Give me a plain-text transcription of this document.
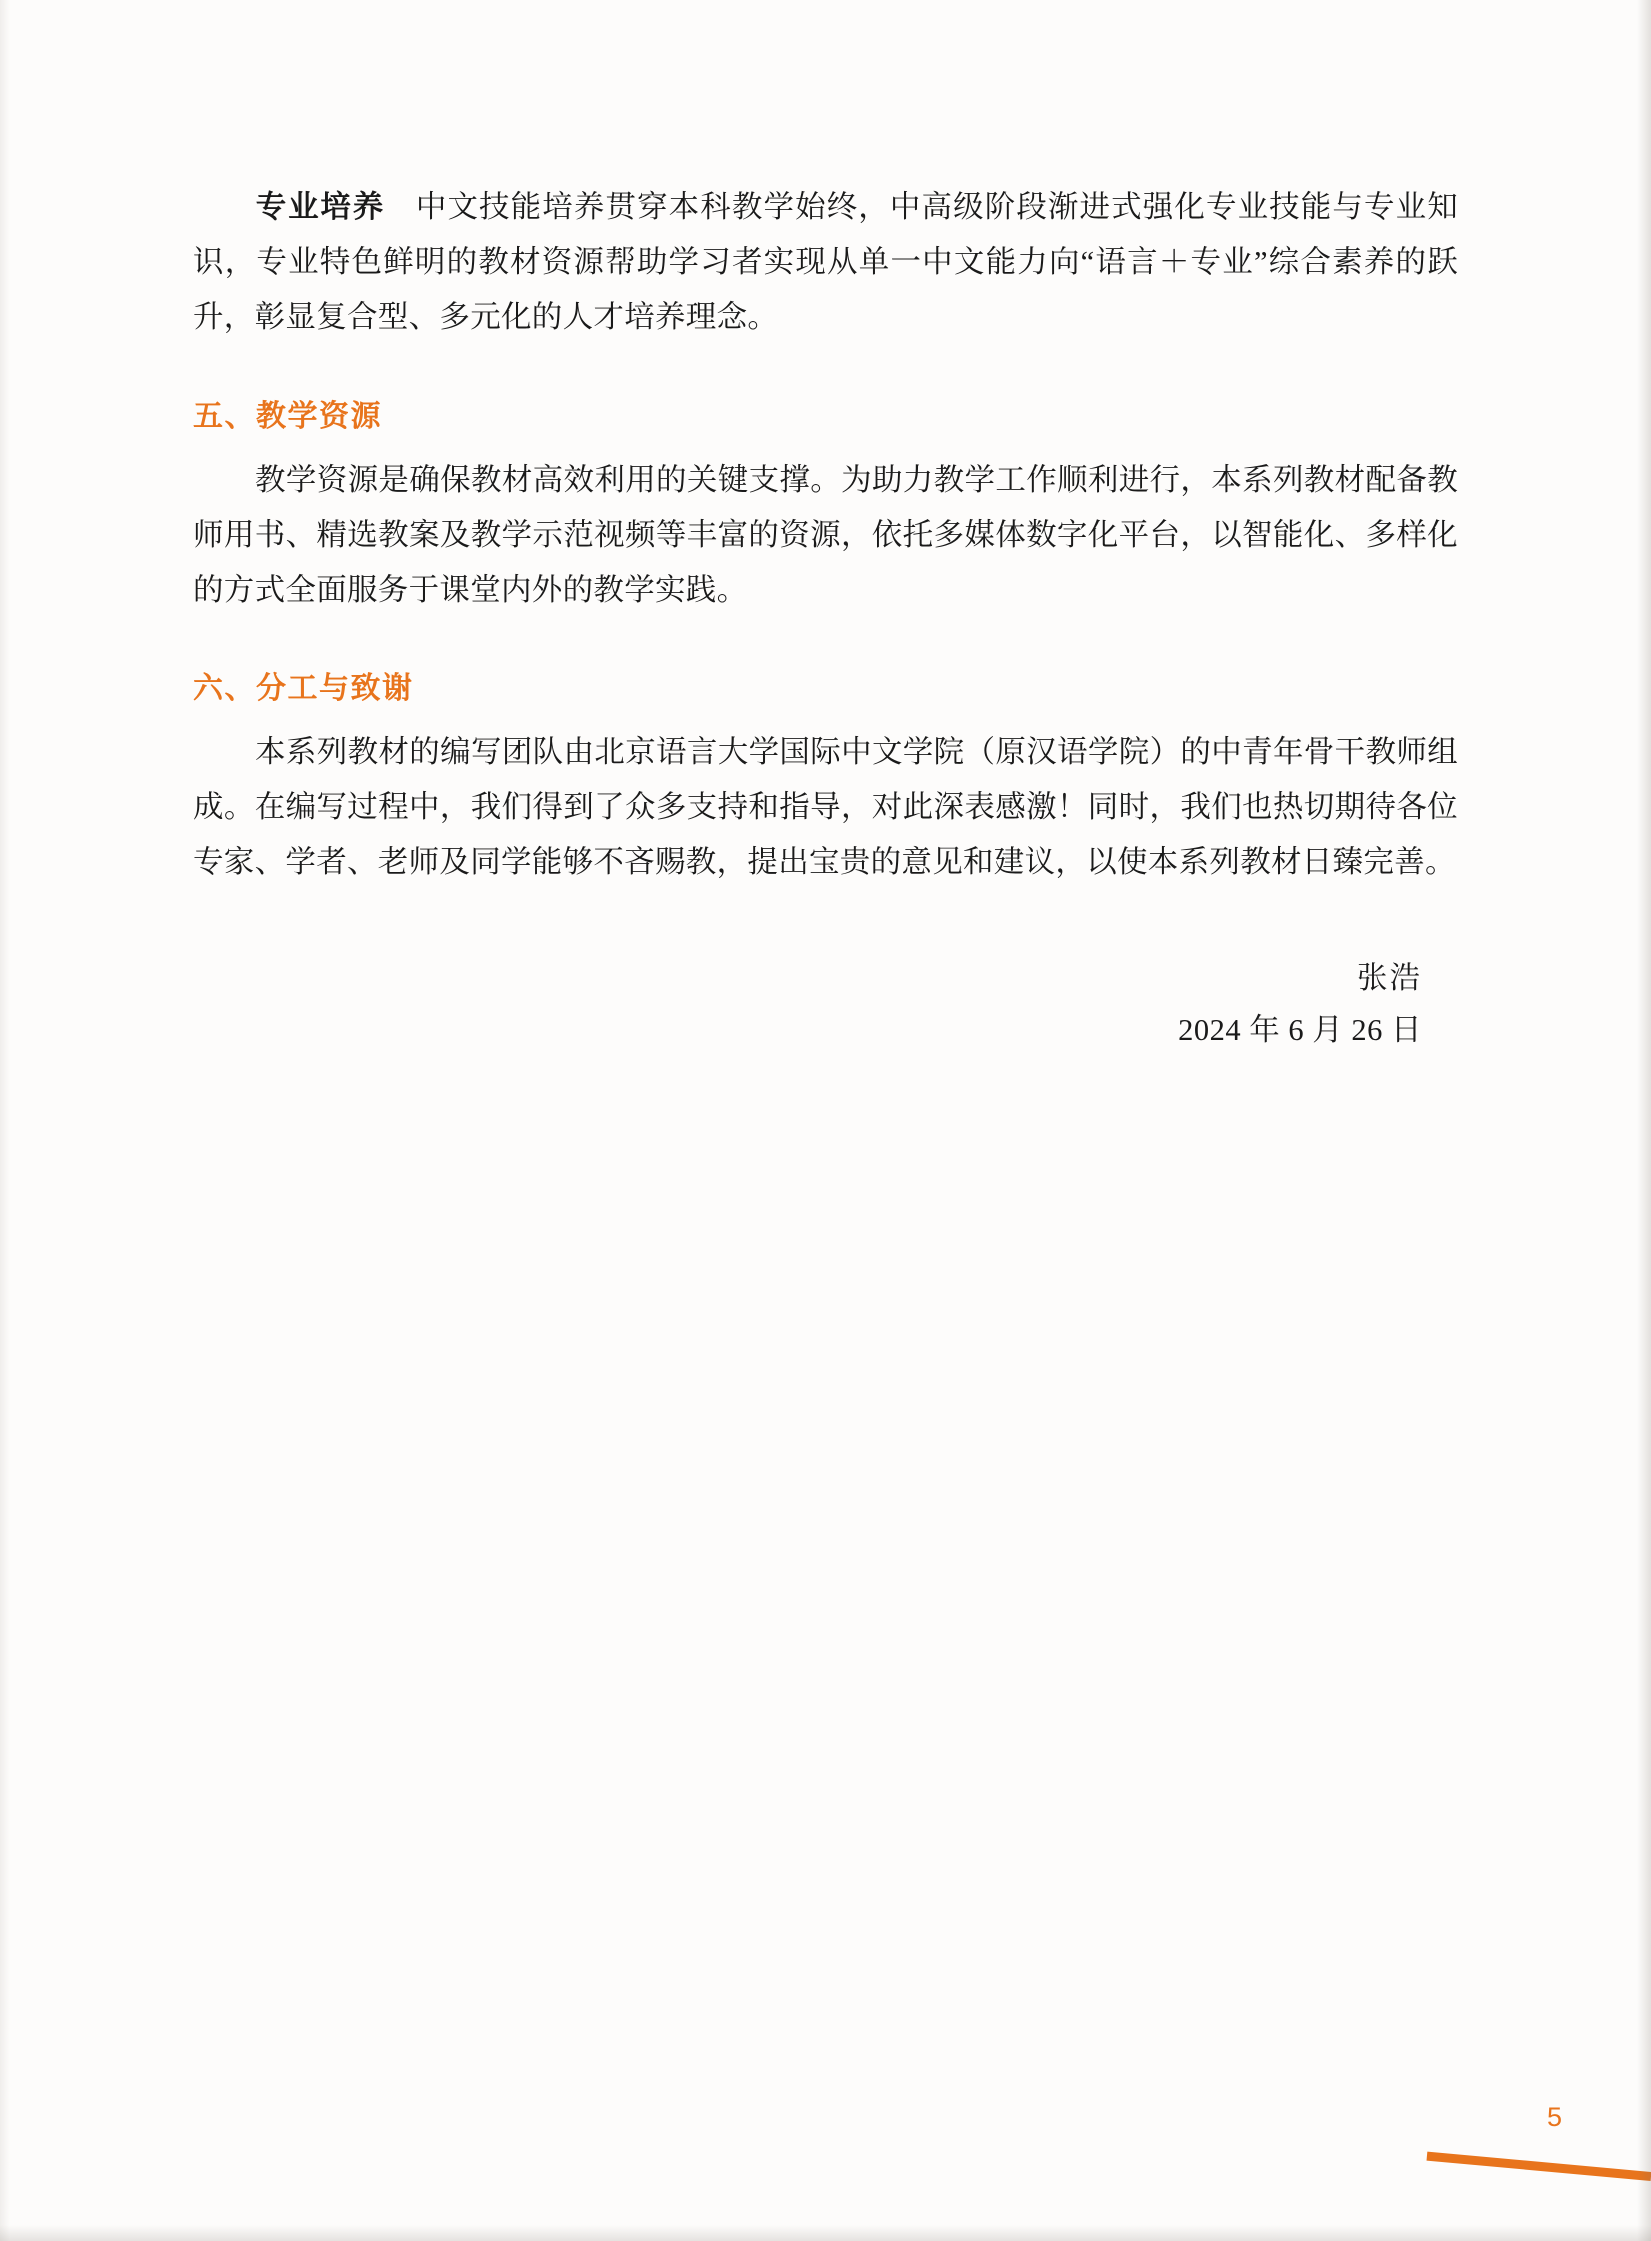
专业培养 中文技能培养贯穿本科教学始终，中高级阶段渐进式强化专业技能与专业知识，专业特色鲜明的教材资源帮助学习者实现从单一中文能力向“语言＋专业”综合素养的跃升，彰显复合型、多元化的人才培养理念。

五、教学资源

教学资源是确保教材高效利用的关键支撑。为助力教学工作顺利进行，本系列教材配备教师用书、精选教案及教学示范视频等丰富的资源，依托多媒体数字化平台，以智能化、多样化的方式全面服务于课堂内外的教学实践。

六、分工与致谢

本系列教材的编写团队由北京语言大学国际中文学院（原汉语学院）的中青年骨干教师组成。在编写过程中，我们得到了众多支持和指导，对此深表感激！同时，我们也热切期待各位专家、学者、老师及同学能够不吝赐教，提出宝贵的意见和建议，以使本系列教材日臻完善。

张浩
2024 年 6 月 26 日
5
